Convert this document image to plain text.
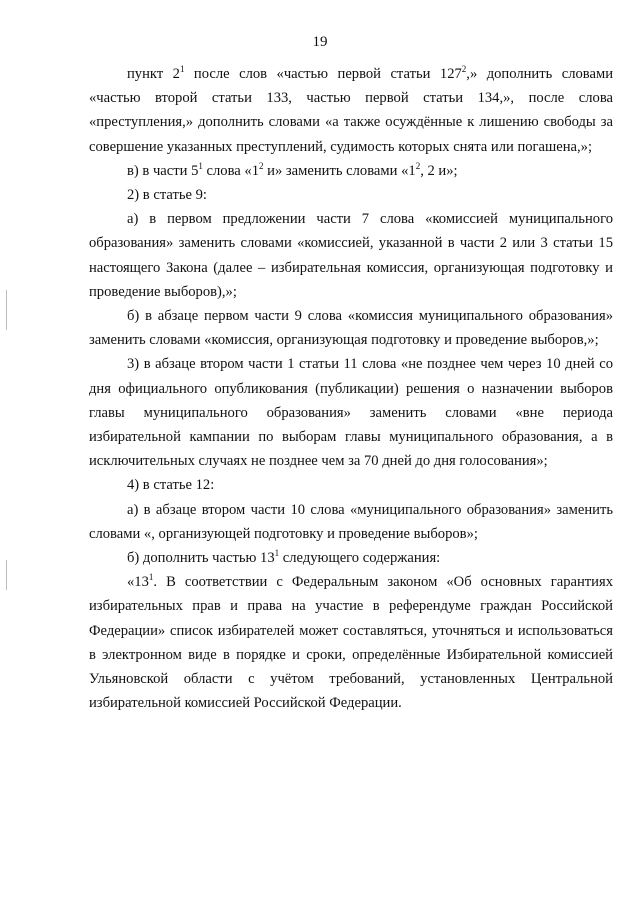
19

пункт $2^1$ после слов «частью первой статьи $127^2$,» дополнить словами «частью второй статьи 133, частью первой статьи 134,», после слова «преступления,» дополнить словами «а также осуждённые к лишению свободы за совершение указанных преступлений, судимость которых снята или погашена,»;

в) в части $5^1$ слова «$1^2$ и» заменить словами «$1^2$, 2 и»;

2) в статье 9:

а) в первом предложении части 7 слова «комиссией муниципального образования» заменить словами «комиссией, указанной в части 2 или 3 статьи 15 настоящего Закона (далее – избирательная комиссия, организующая подготовку и проведение выборов),»;

б) в абзаце первом части 9 слова «комиссия муниципального образования» заменить словами «комиссия, организующая подготовку и проведение выборов,»;

3) в абзаце втором части 1 статьи 11 слова «не позднее чем через 10 дней со дня официального опубликования (публикации) решения о назначении выборов главы муниципального образования» заменить словами «вне периода избирательной кампании по выборам главы муниципального образования, а в исключительных случаях не позднее чем за 70 дней до дня голосования»;

4) в статье 12:

а) в абзаце втором части 10 слова «муниципального образования» заменить словами «, организующей подготовку и проведение выборов»;

б) дополнить частью $13^1$ следующего содержания:

«$13^1$. В соответствии с Федеральным законом «Об основных гарантиях избирательных прав и права на участие в референдуме граждан Российской Федерации» список избирателей может составляться, уточняться и использоваться в электронном виде в порядке и сроки, определённые Избирательной комиссией Ульяновской области с учётом требований, установленных Центральной избирательной комиссией Российской Федерации.
